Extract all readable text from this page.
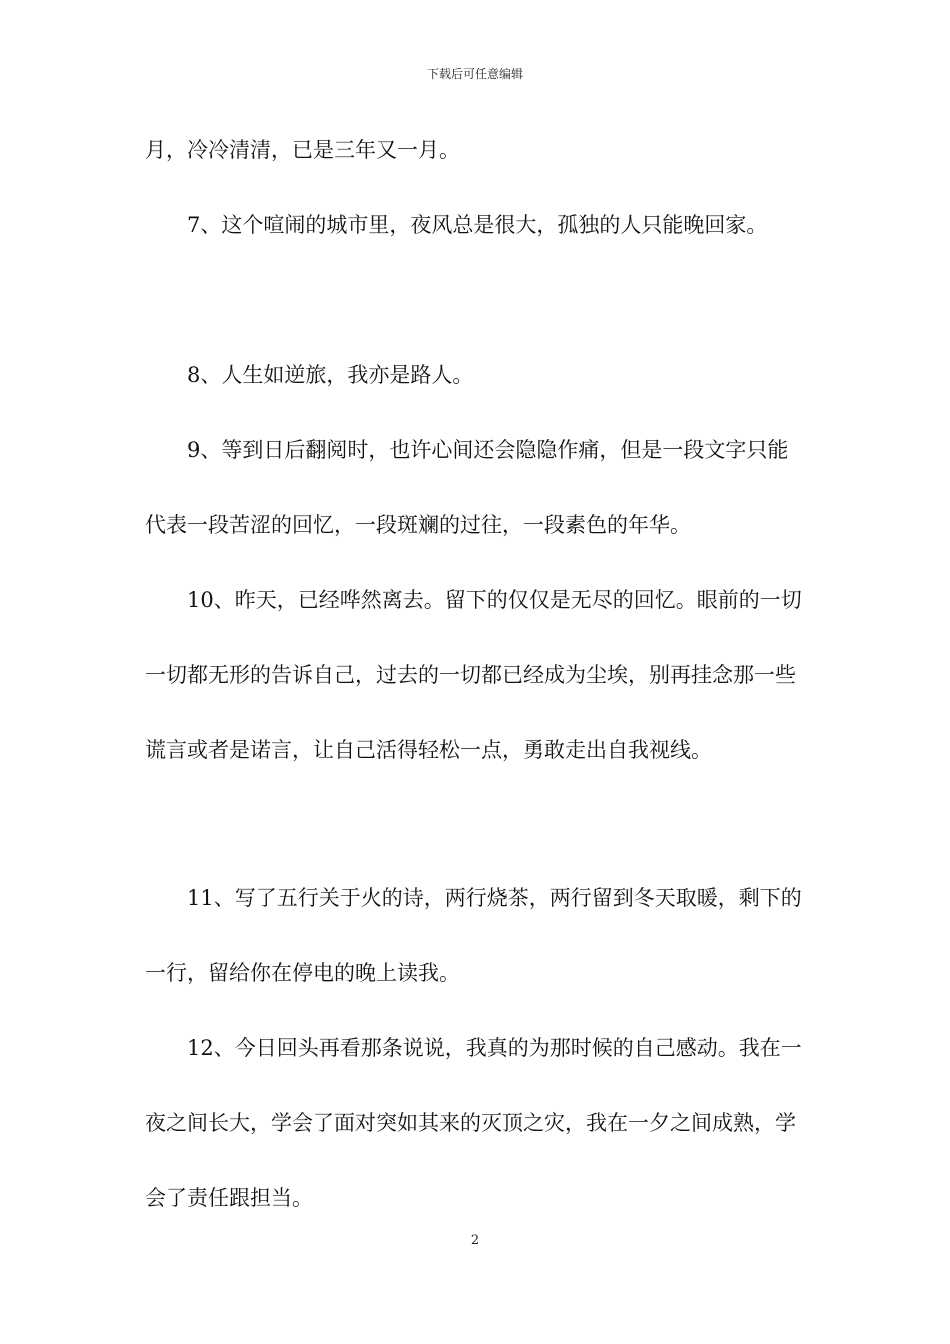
下载后可任意编辑

月，冷冷清清，已是三年又一月。

7、这个喧闹的城市里，夜风总是很大，孤独的人只能晚回家。

8、人生如逆旅，我亦是路人。

9、等到日后翻阅时，也许心间还会隐隐作痛，但是一段文字只能代表一段苦涩的回忆，一段斑斓的过往，一段素色的年华。

10、昨天，已经哗然离去。留下的仅仅是无尽的回忆。眼前的一切一切都无形的告诉自己，过去的一切都已经成为尘埃，别再挂念那一些谎言或者是诺言，让自己活得轻松一点，勇敢走出自我视线。

11、写了五行关于火的诗，两行烧茶，两行留到冬天取暖，剩下的一行，留给你在停电的晚上读我。

12、今日回头再看那条说说，我真的为那时候的自己感动。我在一夜之间长大，学会了面对突如其来的灭顶之灾，我在一夕之间成熟，学会了责任跟担当。

2
